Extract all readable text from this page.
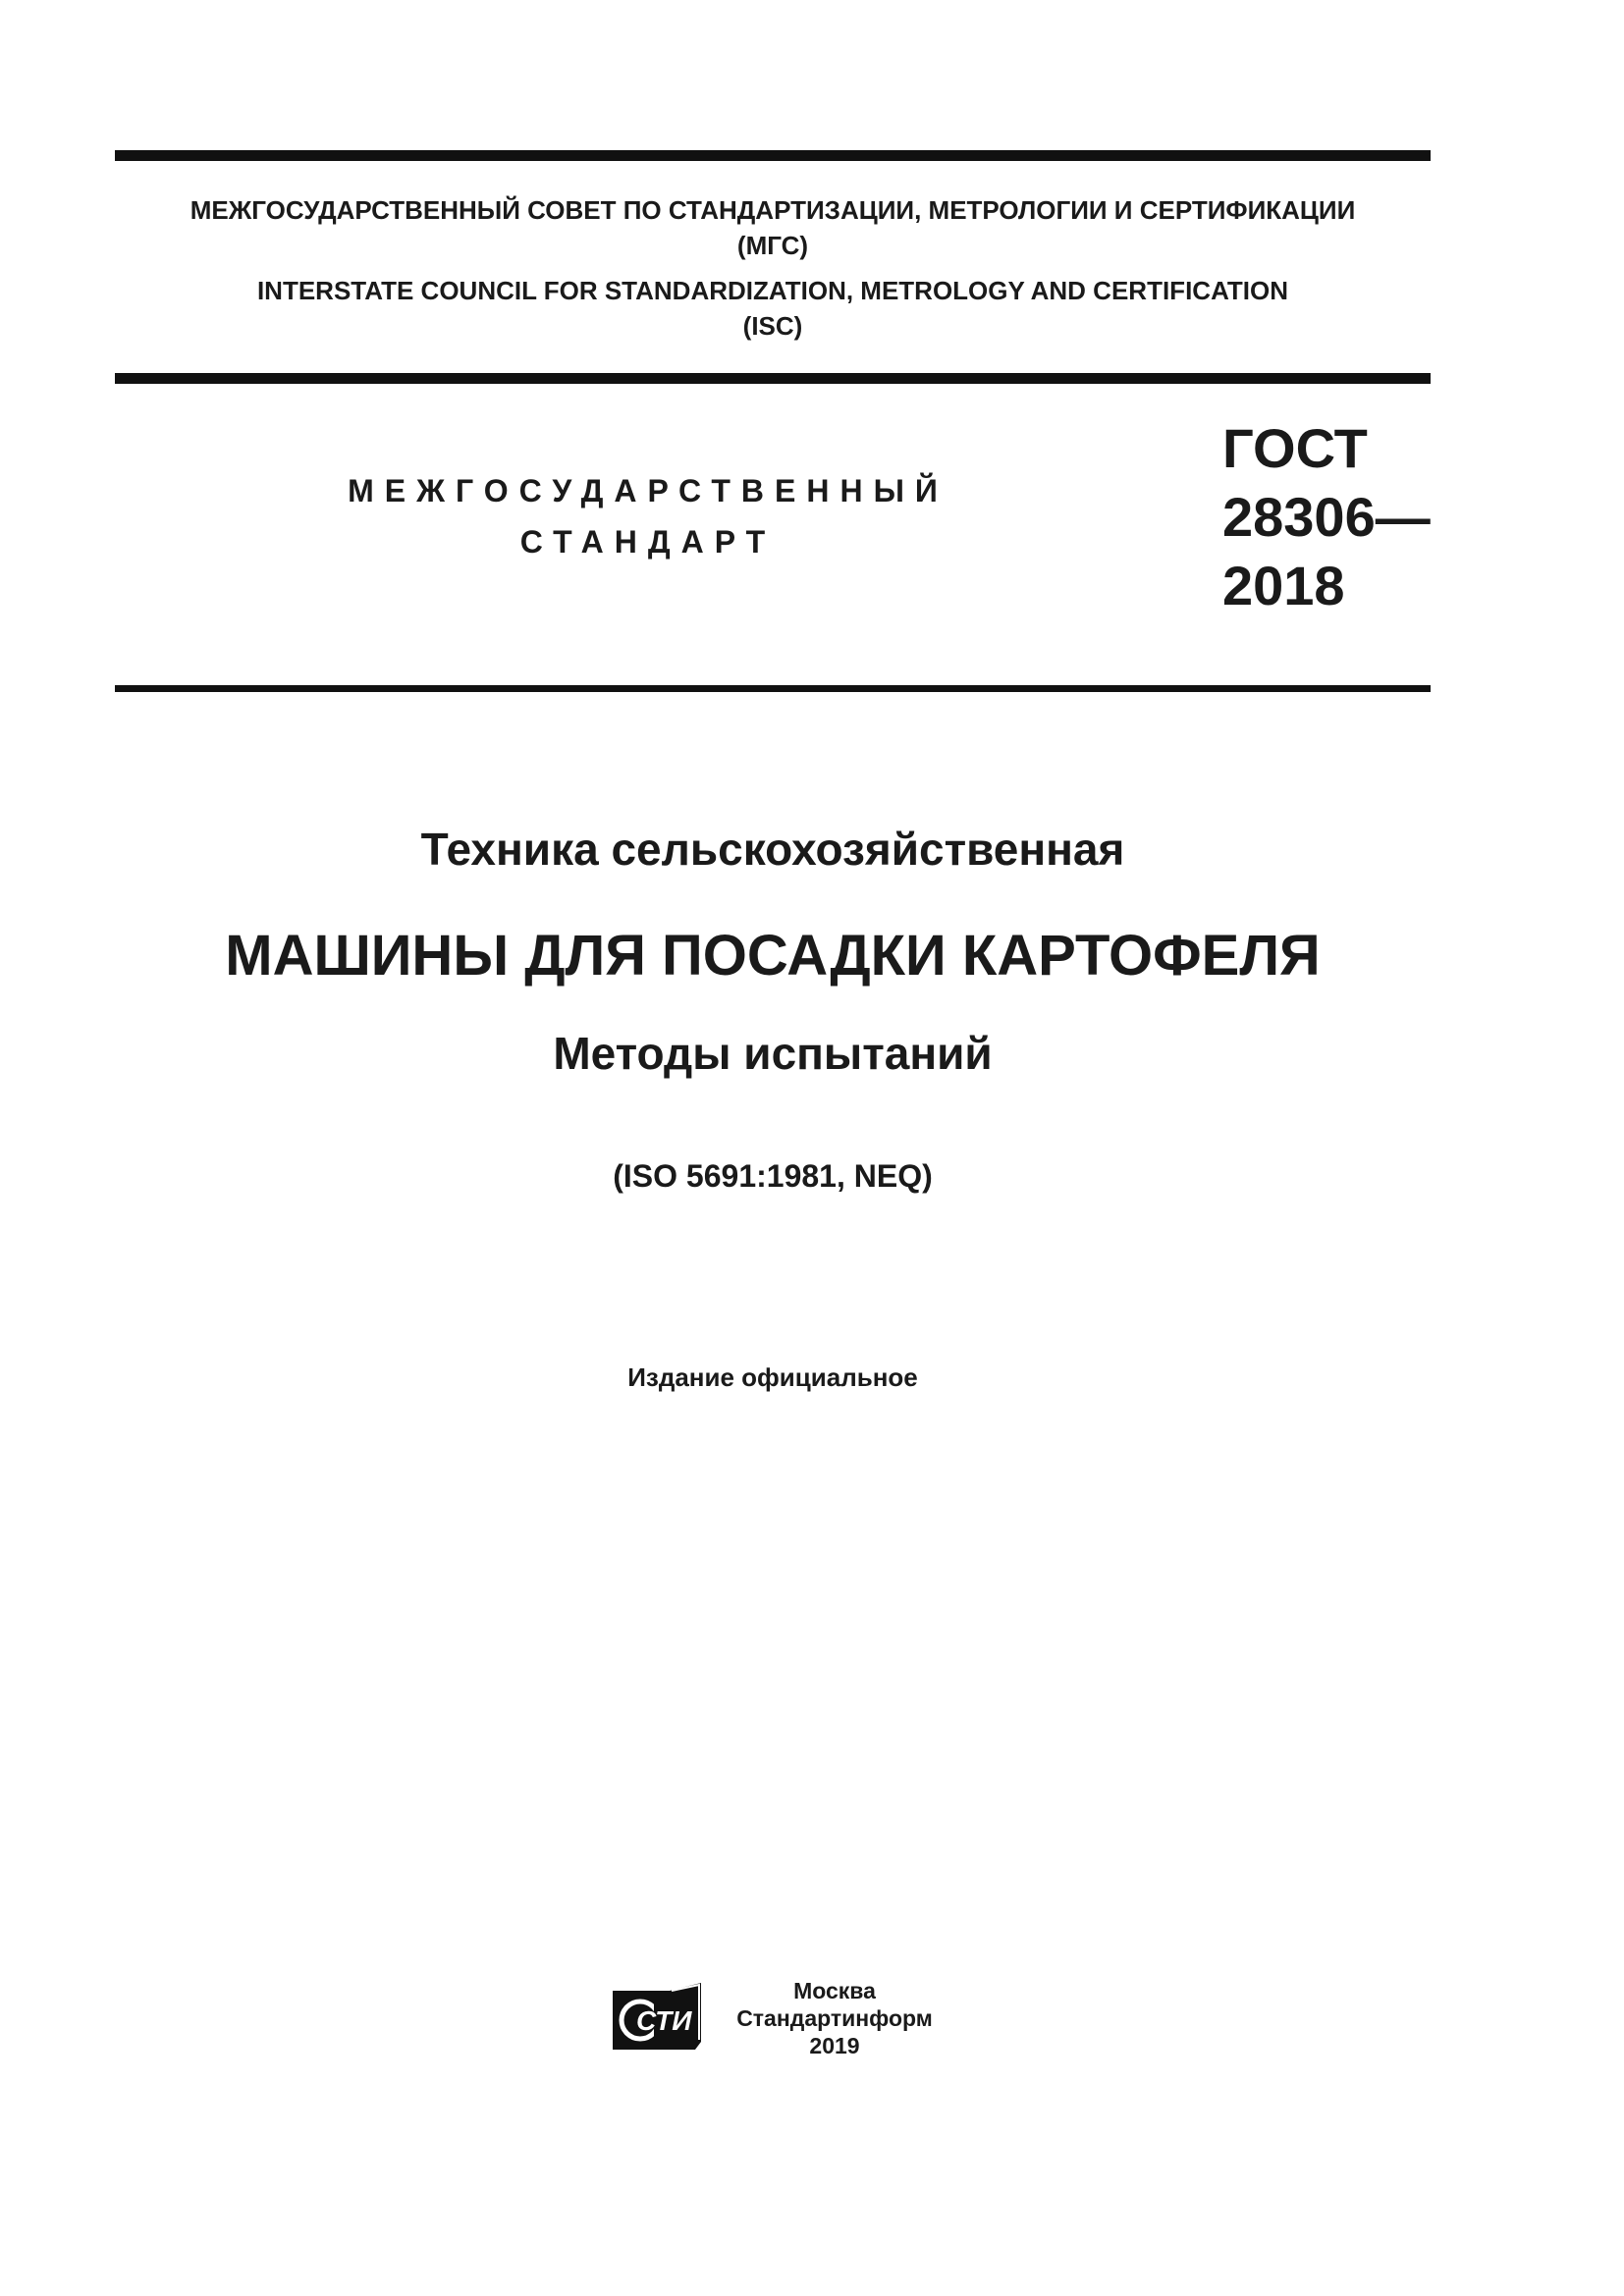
МЕЖГОСУДАРСТВЕННЫЙ СОВЕТ ПО СТАНДАРТИЗАЦИИ, МЕТРОЛОГИИ И СЕРТИФИКАЦИИ
(МГС)
INTERSTATE COUNCIL FOR STANDARDIZATION, METROLOGY AND CERTIFICATION
(ISC)
МЕЖГОСУДАРСТВЕННЫЙ
СТАНДАРТ
ГОСТ
28306—
2018
Техника сельскохозяйственная
МАШИНЫ ДЛЯ ПОСАДКИ КАРТОФЕЛЯ
Методы испытаний
(ISO 5691:1981, NEQ)
Издание официальное
СТИ
Москва
Стандартинформ
2019
